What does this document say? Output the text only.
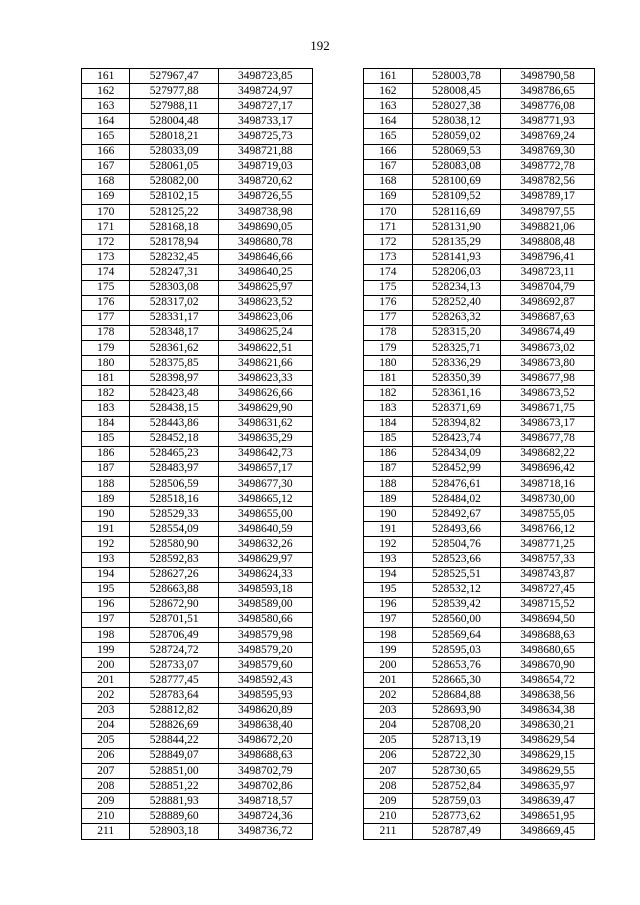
192
161	527967,47	3498723,85		161	528003,78	3498790,58
162	527977,88	3498724,97		162	528008,45	3498786,65
163	527988,11	3498727,17		163	528027,38	3498776,08
164	528004,48	3498733,17		164	528038,12	3498771,93
165	528018,21	3498725,73		165	528059,02	3498769,24
166	528033,09	3498721,88		166	528069,53	3498769,30
167	528061,05	3498719,03		167	528083,08	3498772,78
168	528082,00	3498720,62		168	528100,69	3498782,56
169	528102,15	3498726,55		169	528109,52	3498789,17
170	528125,22	3498738,98		170	528116,69	3498797,55
171	528168,18	3498690,05		171	528131,90	3498821,06
172	528178,94	3498680,78		172	528135,29	3498808,48
173	528232,45	3498646,66		173	528141,93	3498796,41
174	528247,31	3498640,25		174	528206,03	3498723,11
175	528303,08	3498625,97		175	528234,13	3498704,79
176	528317,02	3498623,52		176	528252,40	3498692,87
177	528331,17	3498623,06		177	528263,32	3498687,63
178	528348,17	3498625,24		178	528315,20	3498674,49
179	528361,62	3498622,51		179	528325,71	3498673,02
180	528375,85	3498621,66		180	528336,29	3498673,80
181	528398,97	3498623,33		181	528350,39	3498677,98
182	528423,48	3498626,66		182	528361,16	3498673,52
183	528438,15	3498629,90		183	528371,69	3498671,75
184	528443,86	3498631,62		184	528394,82	3498673,17
185	528452,18	3498635,29		185	528423,74	3498677,78
186	528465,23	3498642,73		186	528434,09	3498682,22
187	528483,97	3498657,17		187	528452,99	3498696,42
188	528506,59	3498677,30		188	528476,61	3498718,16
189	528518,16	3498665,12		189	528484,02	3498730,00
190	528529,33	3498655,00		190	528492,67	3498755,05
191	528554,09	3498640,59		191	528493,66	3498766,12
192	528580,90	3498632,26		192	528504,76	3498771,25
193	528592,83	3498629,97		193	528523,66	3498757,33
194	528627,26	3498624,33		194	528525,51	3498743,87
195	528663,88	3498593,18		195	528532,12	3498727,45
196	528672,90	3498589,00		196	528539,42	3498715,52
197	528701,51	3498580,66		197	528560,00	3498694,50
198	528706,49	3498579,98		198	528569,64	3498688,63
199	528724,72	3498579,20		199	528595,03	3498680,65
200	528733,07	3498579,60		200	528653,76	3498670,90
201	528777,45	3498592,43		201	528665,30	3498654,72
202	528783,64	3498595,93		202	528684,88	3498638,56
203	528812,82	3498620,89		203	528693,90	3498634,38
204	528826,69	3498638,40		204	528708,20	3498630,21
205	528844,22	3498672,20		205	528713,19	3498629,54
206	528849,07	3498688,63		206	528722,30	3498629,15
207	528851,00	3498702,79		207	528730,65	3498629,55
208	528851,22	3498702,86		208	528752,84	3498635,97
209	528881,93	3498718,57		209	528759,03	3498639,47
210	528889,60	3498724,36		210	528773,62	3498651,95
211	528903,18	3498736,72		211	528787,49	3498669,45
